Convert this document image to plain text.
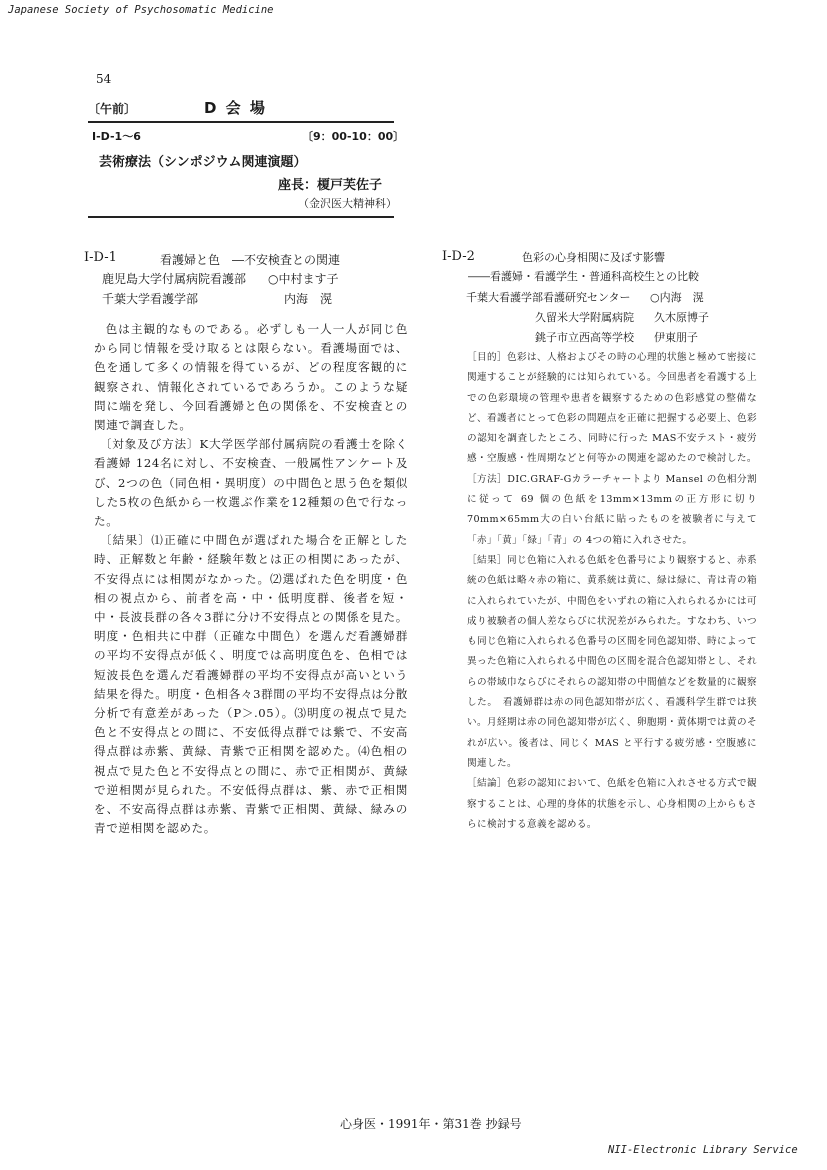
Japanese Society of Psychosomatic Medicine
54
〔午前〕	D 会 場
I-D-1～6	〔9：00-10：00〕
芸術療法（シンポジウム関連演題）
座長：榎戸芙佐子
（金沢医大精神科）
I-D-1	看護婦と色　―不安検査との関連
鹿児島大学付属病院看護部 ○中村ます子
千葉大学看護学部	内海　滉

色は主観的なものである。必ずしも一人一人が同じ色から同じ情報を受け取るとは限らない。看護場面では、色を通して多くの情報を得ているが、どの程度客観的に観察され、情報化されているであろうか。このような疑問に端を発し、今回看護婦と色の関係を、不安検査との関連で調査した。

〔対象及び方法〕K大学医学部付属病院の看護士を除く看護婦 124名に対し、不安検査、一般属性アンケート及び、2つの色（同色相・異明度）の中間色と思う色を類似した5枚の色紙から一枚選ぶ作業を12種類の色で行なった。

〔結果〕⑴正確に中間色が選ばれた場合を正解とした時、正解数と年齢・経験年数とは正の相関にあったが、不安得点には相関がなかった。⑵選ばれた色を明度・色相の視点から、前者を高・中・低明度群、後者を短・中・長波長群の各々3群に分け不安得点との関係を見た。明度・色相共に中群（正確な中間色）を選んだ看護婦群の平均不安得点が低く、明度では高明度色を、色相では短波長色を選んだ看護婦群の平均不安得点が高いという結果を得た。明度・色相各々3群間の平均不安得点は分散分析で有意差があった（P＞.05）。⑶明度の視点で見た色と不安得点との間に、不安低得点群では紫で、不安高得点群は赤紫、黄緑、青紫で正相関を認めた。⑷色相の視点で見た色と不安得点との間に、赤で正相関が、黄緑で逆相関が見られた。不安低得点群は、紫、赤で正相関を、不安高得点群は赤紫、青紫で正相関、黄緑、緑みの青で逆相関を認めた。

I-D-2	色彩の心身相関に及ぼす影響
――看護婦・看護学生・普通科高校生との比較
千葉大看護学部看護研究センター ○内海　滉
久留米大学附属病院 久木原博子
銚子市立西高等学校 伊東朋子

［目的］色彩は、人格およびその時の心理的状態と極めて密接に関連することが経験的には知られている。今回患者を看護する上での色彩環境の管理や患者を観察するための色彩感覚の整備など、看護者にとって色彩の問題点を正確に把握する必要上、色彩の認知を調査したところ、同時に行った MAS不安テスト・疲労感・空腹感・性周期などと何等かの関連を認めたので検討した。

［方法］DIC.GRAF-Gカラーチャートより Mansel の色相分割に従って 69 個の色紙を13mm×13mmの正方形に切り70mm×65mm大の白い台紙に貼ったものを被験者に与えて「赤」「黄」「緑」「青」の 4つの箱に入れさせた。

［結果］同じ色箱に入れる色紙を色番号により観察すると、赤系統の色紙は略々赤の箱に、黄系統は黄に、緑は緑に、青は青の箱に入れられていたが、中間色をいずれの箱に入れられるかには可成り被験者の個人差ならびに状況差がみられた。すなわち、いつも同じ色箱に入れられる色番号の区間を同色認知帯、時によって異った色箱に入れられる中間色の区間を混合色認知帯とし、それらの帯域巾ならびにそれらの認知帯の中間値などを数量的に観察した。　看護婦群は赤の同色認知帯が広く、看護科学生群では狭い。月経期は赤の同色認知帯が広く、卵胞期・黄体期では黄のそれが広い。後者は、同じく MAS と平行する疲労感・空腹感に関連した。

［結論］色彩の認知において、色紙を色箱に入れさせる方式で観察することは、心理的身体的状態を示し、心身相関の上からもさらに検討する意義を認める。

心身医・1991年・第31巻 抄録号
NII-Electronic Library Service
